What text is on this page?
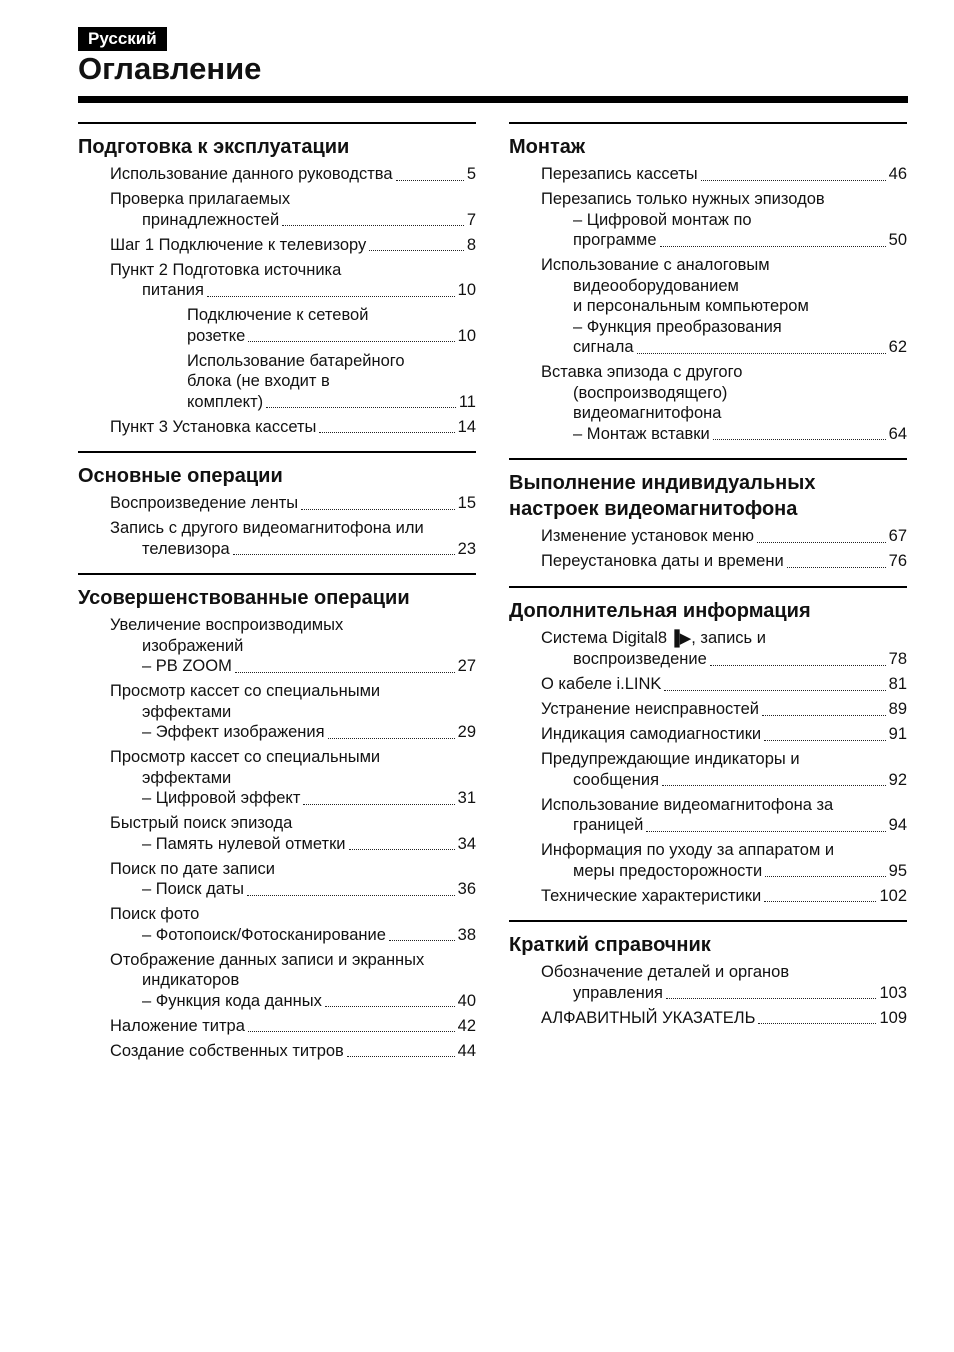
Русский
Оглавление
Подготовка к эксплуатации
Использование данного руководства	5
Проверка прилагаемых
принадлежностей	7
Шаг 1 Подключение к телевизору	8
Пункт 2 Подготовка источника
питания	10
Подключение к сетевой
розетке	10
Использование батарейного
блока (не входит в
комплект)	11
Пункт 3 Установка кассеты	14
Основные операции
Воспроизведение ленты	15
Запись с другого видеомагнитофона или
телевизора	23
Усовершенствованные операции
Увеличение воспроизводимых
изображений
– PB ZOOM	27
Просмотр кассет со специальными
эффектами
– Эффект изображения	29
Просмотр кассет со специальными
эффектами
– Цифровой эффект	31
Быстрый поиск эпизода
– Память нулевой отметки	34
Поиск по дате записи
– Поиск даты	36
Поиск фото
– Фотопоиск/Фотосканирование	38
Отображение данных записи и экранных
индикаторов
– Функция кода данных	40
Наложение титра	42
Создание собственных титров	44
Монтаж
Перезапись кассеты	46
Перезапись только нужных эпизодов
– Цифровой монтаж по
программе	50
Использование с аналоговым
видеооборудованием
и персональным компьютером
– Функция преобразования
сигнала	62
Вставка эпизода с другого
(воспроизводящего)
видеомагнитофона
– Монтаж вставки	64
Выполнение индивидуальных настроек видеомагнитофона
Изменение установок меню	67
Переустановка даты и времени	76
Дополнительная информация
Система Digital8 ▐▶ , запись и
воспроизведение	78
О кабеле i.LINK	81
Устранение неисправностей	89
Индикация самодиагностики	91
Предупреждающие индикаторы и
сообщения	92
Использование видеомагнитофона за
границей	94
Информация по уходу за аппаратом и
меры предосторожности	95
Технические характеристики	102
Краткий справочник
Обозначение деталей и органов
управления	103
АЛФАВИТНЫЙ УКАЗАТЕЛЬ	109
